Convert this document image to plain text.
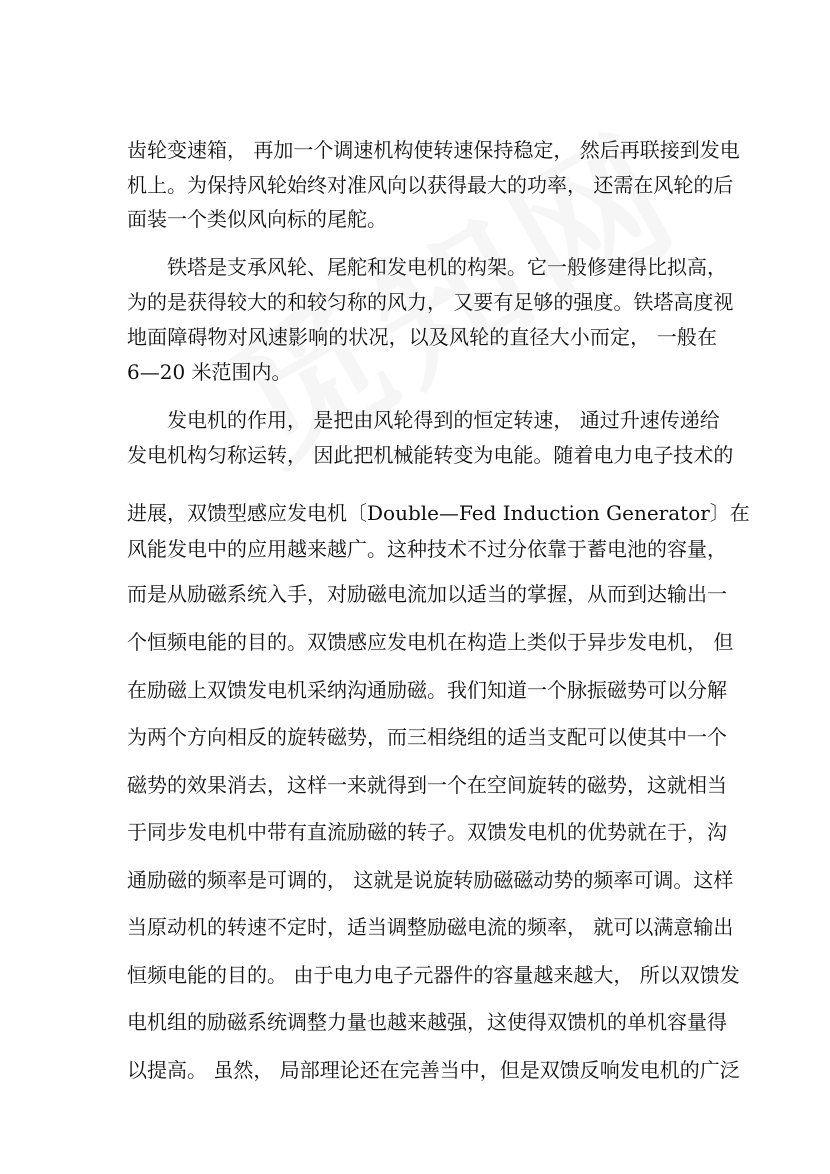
齿轮变速箱， 再加一个调速机构使转速保持稳定， 然后再联接到发电
机上。为保持风轮始终对准风向以获得最大的功率， 还需在风轮的后
面装一个类似风向标的尾舵。
铁塔是支承风轮、尾舵和发电机的构架。它一般修建得比拟高，
为的是获得较大的和较匀称的风力， 又要有足够的强度。铁塔高度视
地面障碍物对风速影响的状况，以及风轮的直径大小而定， 一般在
6—20 米范围内。
发电机的作用， 是把由风轮得到的恒定转速， 通过升速传递给
发电机构匀称运转， 因此把机械能转变为电能。随着电力电子技术的
进展，双馈型感应发电机〔Double—Fed Induction Generator〕在
风能发电中的应用越来越广。这种技术不过分依靠于蓄电池的容量，
而是从励磁系统入手，对励磁电流加以适当的掌握，从而到达输出一
个恒频电能的目的。双馈感应发电机在构造上类似于异步发电机， 但
在励磁上双馈发电机采纳沟通励磁。我们知道一个脉振磁势可以分解
为两个方向相反的旋转磁势，而三相绕组的适当支配可以使其中一个
磁势的效果消去，这样一来就得到一个在空间旋转的磁势，这就相当
于同步发电机中带有直流励磁的转子。双馈发电机的优势就在于，沟
通励磁的频率是可调的， 这就是说旋转励磁磁动势的频率可调。这样
当原动机的转速不定时，适当调整励磁电流的频率， 就可以满意输出
恒频电能的目的。 由于电力电子元器件的容量越来越大， 所以双馈发
电机组的励磁系统调整力量也越来越强，这使得双馈机的单机容量得
以提高。 虽然， 局部理论还在完善当中，但是双馈反响发电机的广泛
